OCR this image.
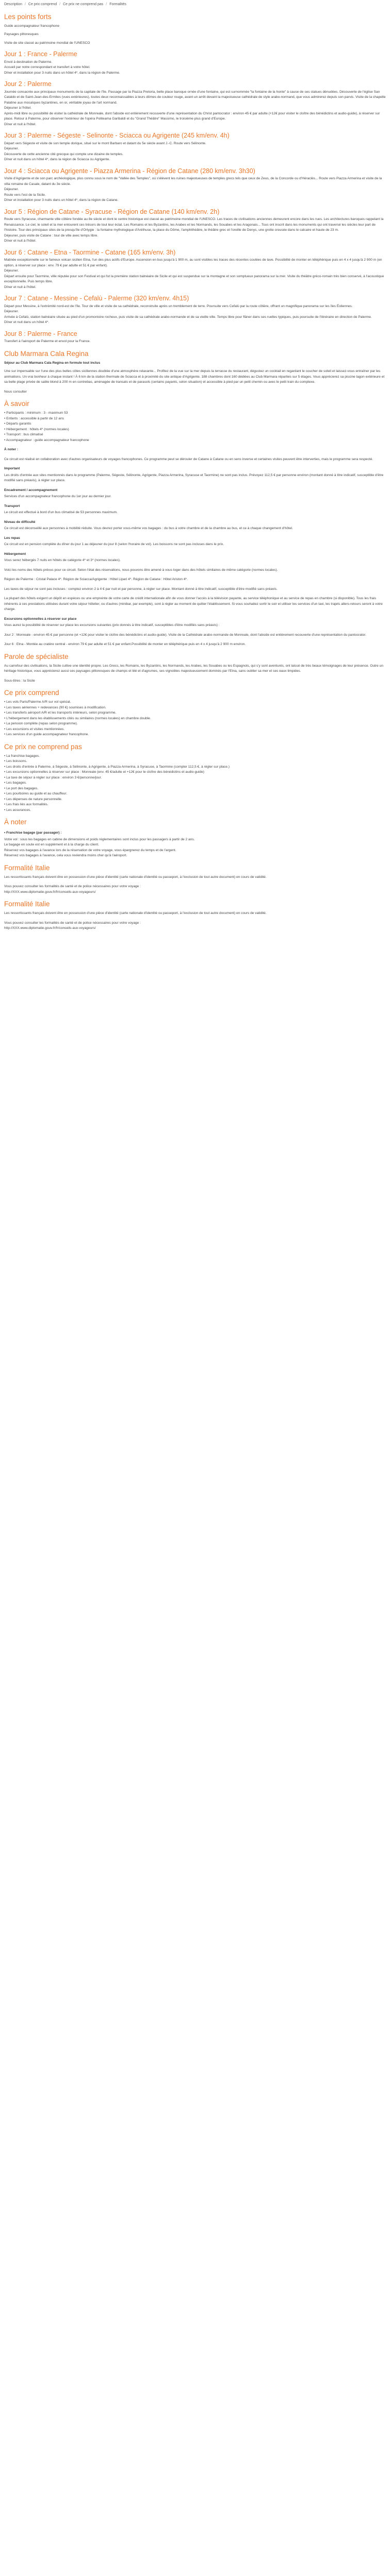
Description / Ce prix comprend / Ce prix ne comprend pas / Formalités
Les points forts

Guide accompagnateur francophone

Paysages pittoresques

Visite de site classé au patrimoine mondial de l'UNESCO

Jour 1 : France - Palerme
Envol à destination de Palerme.
Accueil par notre correspondant et transfert à votre hôtel.
Dîner et installation pour 3 nuits dans un hôtel 4*, dans la région de Palerme.
Jour 2 : Palerme
Journée consacrée aux principaux monuments de la capitale de l'île. Passage par la Piazza Pretoria, belle place baroque ornée d'une fontaine, qui est surnommée "la fontaine de la honte" à cause de ses statues dénudées. Découverte de l'église San Cataldo et de Saint-Jean-des-Ermites (vues extérieures), toutes deux reconnaissables à leurs dômes de couleur rouge, avant un arrêt devant la majestueuse cathédrale de style arabo-normand, que vous admirerez depuis son parvis. Visite de la chapelle Palatine aux mosaïques byzantines, en or, véritable joyau de l'art normand.
Déjeuner à l'hôtel.
Après-midi libre ou possibilité de visiter la cathédrale de Monreale, dont l'abside est entièrement recouverte d'une représentation du Christ pantocrator : environ 45 € par adulte (+12€ pour visiter le cloître des bénédictins et audio-guide), à réserver sur place. Retour à Palerme, pour observer l'extérieur de l'opéra Politeama Garibaldi et du "Grand Théâtre" Massimo, le troisième plus grand d'Europe.
Dîner et nuit à l'hôtel.
Jour 3 : Palerme - Ségeste - Selinonte - Sciacca ou Agrigente (245 km/env. 4h)
Départ vers Ségeste et visite de son temple dorique, situé sur le mont Barbaro et datant du 5e siècle avant J.-C. Route vers Sélinonte.
Déjeuner.
Découverte de cette ancienne cité grecque qui compte une dizaine de temples.
Dîner et nuit dans un hôtel 4*, dans la région de Sciacca ou Agrigente.
Jour 4 : Sciacca ou Agrigente - Piazza Armerina - Région de Catane (280 km/env. 3h30)
Visite d'Agrigente et de son parc archéologique, plus connu sous le nom de "Vallée des Temples", où s'élèvent les ruines majestueuses de temples grecs tels que ceux de Zeus, de la Concorde ou d'Héraclès... Route vers Piazza Armerina et visite de la villa romaine de Casale, datant du 3e siècle.
Déjeuner.
Route vers l'est de la Sicile.
Dîner et installation pour 3 nuits dans un hôtel 4*, dans la région de Catane.
Jour 5 : Région de Catane - Syracuse - Région de Catane (140 km/env. 2h)
Route vers Syracuse, charmante ville côtière fondée au 8e siècle et dont le centre historique est classé au patrimoine mondial de l'UNESCO. Les traces de civilisations anciennes demeurent encore dans les rues. Les architectures baroques rappelant la Renaissance. Le ciel, le soleil et la mer entourent ces trésors de tout leur éclat. Les Romains et les Byzantins, les Arabes et les Normands, les Souabes et les Aragonais... Tous ont inscrit dans les monuments qui ont traversé les siècles leur part de l'histoire. Tour des principaux sites de la presqu'île d'Ortygie : la fontaine mythologique d'Aréthuse, la place du Dôme, l'amphithéâtre, le théâtre grec et l'oreille de Denys, une grotte creusée dans le calcaire et haute de 23 m.
Déjeuner, puis visite de Catane : tour de ville avec temps libre.
Dîner et nuit à l'hôtel.
Jour 6 : Catane - Etna - Taormine - Catane (165 km/env. 3h)
Matinée exceptionnelle sur le fameux volcan sicilien Etna, l'un des plus actifs d'Europe. Ascension en bus jusqu'à 1 900 m, au sont visibles les traces des récentes coulées de lave. Possibilité de monter en téléphérique puis en 4 x 4 jusqu'à 2 900 m (en option, à réserver sur place : env. 79 € par adulte et 51 € par enfant).
Déjeuner.
Départ ensuite pour Taormine, ville réputée pour son Festival et qui fut la première station balnéaire de Sicile et qui est suspendue sur la montagne et son somptueux panorama sur la mer. Visite du théâtre gréco-romain très bien conservé, à l'acoustique exceptionnelle. Puis temps libre.
Dîner et nuit à l'hôtel.
Jour 7 : Catane - Messine - Cefalù - Palerme (320 km/env. 4h15)
Départ pour Messine, à l'extrémité nord-est de l'île. Tour de ville et visite de sa cathédrale, reconstruite après un tremblement de terre. Poursuite vers Cefalù par la route côtière, offrant un magnifique panorama sur les îles Éoliennes.
Déjeuner.
Arrivée à Cefalù, station balnéaire située au pied d'un promontoire rocheux, puis visite de sa cathédrale arabo-normande et de sa vieille ville. Temps libre pour flâner dans ses ruelles typiques, puis poursuite de l'itinéraire en direction de Palerme.
Dîner et nuit dans un hôtel 4*.
Jour 8 : Palerme - France
Transfert à l'aéroport de Palerme et envol pour la France.
Club Marmara Cala Regina

Séjour au Club Marmara Cala Regina en formule tout inclus

Une sur impensable sur l'une des plus belles côtes siciliennes doublée d'une atmosphère relaxante... Profitez de la vue sur la mer depuis la terrasse du restaurant, dégustez un cocktail en regardant le coucher de soleil et laissez-vous entraîner par les animations. Un vrai bonheur à chaque instant ! À 6 km de la station thermale de Sciacca et à proximité du site antique d'Agrigente. 188 chambres dont 160 dédiées au Club Marmara réparties sur 5 étages. Vous apprécierez sa piscine lagon extérieure et sa belle plage privée de sable blond à 200 m en contrebas, aménagée de transats et de parasols (certains payants, selon situation) et accessible à pied par un petit chemin ou avec le petit train du complexe.

Nous consulter

À savoir
• Participants : minimum : 3 - maximum 53
• Enfants : accessible à partir de 12 ans
• Départs garantis
• Hébergement : hôtels 4* (normes locales)
• Transport : bus climatisé
• Accompagnateur : guide accompagnateur francophone
À noter :

Ce circuit est réalisé en collaboration avec d'autres organisateurs de voyages francophones. Ce programme peut se dérouler de Catane à Catane ou en sens inverse et certaines visites peuvent être interverties, mais le programme sera respecté.

Important

Les droits d'entrée aux sites mentionnés dans le programme (Palerme, Ségeste, Sélinonte, Agrigente, Piazza Armerina, Syracuse et Taormine) ne sont pas inclus. Prévoyez 112,5 € par personne environ (montant donné à titre indicatif, susceptible d'être modifié sans préavis), à régler sur place.

Encadrement / accompagnement

Services d'un accompagnateur francophone du 1er jour au dernier jour.

Transport

Le circuit est effectué à bord d'un bus climatisé de 53 personnes maximum.

Niveau de difficulté

Ce circuit est déconseillé aux personnes à mobilité réduite. Vous devrez porter vous-même vos bagages : du bus à votre chambre et de la chambre au bus, et ce à chaque changement d'hôtel.

Les repas

Ce circuit est en pension complète du dîner du jour 1 au déjeuner du jour 8 (selon l'horaire de vol). Les boissons ne sont pas incluses dans le prix.

Hébergement

Vous serez hébergés 7 nuits en hôtels de catégorie 4* et 3* (normes locales).

Voici les noms des hôtels prévus pour ce circuit. Selon l'état des réservations, nous pouvons être amené à vous loger dans des hôtels similaires de même catégorie (normes locales).

Région de Palerme : Cristal Palace 4*. Région de Sciacca/Agrigente : Hôtel Lipari 4*. Région de Catane : Hôtel Ariston 4*.

Les taxes de séjour ne sont pas incluses : comptez environ 2 à 4 € par nuit et par personne, à régler sur place. Montant donné à titre indicatif, susceptible d'être modifié sans préavis.

La plupart des hôtels exigent un dépôt en espèces ou une empreinte de votre carte de crédit internationale afin de vous donner l'accès à la télévision payante, au service téléphonique et au service de repas en chambre (si disponible). Tous les frais inhérents à ces prestations utilisées durant votre séjour hôtelier, ou d'autres (minibar, par exemple), sont à régler au moment de quitter l'établissement. Si vous souhaitez sortir le soir et utiliser les services d'un taxi, les trajets allers-retours seront à votre charge.

Excursions optionnelles à réserver sur place

Vous aurez la possibilité de réserver sur place les excursions suivantes (prix donnés à titre indicatif, susceptibles d'être modifiés sans préavis) :

Jour 2 : Monreale - environ 45 € par personne (et +12€ pour visiter le cloître des bénédictins et audio-guide). Visite de la Cathédrale arabo-normande de Monreale, dont l'abside est entièrement recouverte d'une représentation du pantocrator.

Jour 6 : Etna - Montée au cratère central - environ 79 € par adulte et 51 € par enfant.Possibilité de monter en téléphérique puis en 4 x 4 jusqu'à 2 900 m environ.

Parole de spécialiste

Au carrefour des civilisations, la Sicile cultive une identité propre. Les Grecs, les Romains, les Byzantins, les Normands, les Arabes, les Souabes ou les Espagnols, qui s'y sont aventurés, ont laissé de très beaux témoignages de leur présence. Outre un héritage historique, vous apprécierez aussi ses paysages pittoresques de champs et blé et d'agrumes, ses vignobles majestueusement dominés par l'Etna, sans oublier sa mer et ses eaux limpides.

Sous-titres : la Sicile

Ce prix comprend
• Les vols Paris/Palerme A/R sur vol spécial.
• Les taxes aériennes + redevances (90 €) soumises à modification.
• Les transferts aéroport A/R et les transports intérieurs, selon programme.
• L'hébergement dans les établissements cités ou similaires (normes locales) en chambre double.
• La pension complète (repas selon programme).
• Les excursions et visites mentionnées.
• Les services d'un guide accompagnateur francophone.
Ce prix ne comprend pas
• La franchise bagages.
• Les boissons.
• Les droits d'entrée à Palerme, à Ségeste, à Sélinonte, à Agrigente, à Piazza Armerina, à Syracuse, à Taormine (compter 112,5 €, à régler sur place.)
• Les excursions optionnelles à réserver sur place : Monreale (env. 45 €/adulte et +12€ pour le cloître des bénédictins et audio-guide)
• La taxe de séjour à régler sur place : environ 3 €/personne/jour.
• Les bagages.
• Le port des bagages.
• Les pourboires au guide et au chauffeur.
• Les dépenses de nature personnelle.
• Les frais liés aux formalités.
• Les assurances.
À noter
• Franchise bagage (par passager) :
Votre vol : sous les bagages en cabine de dimensions et poids réglementaires sont inclus pour les passagers à partir de 2 ans.
Le bagage en soute est en supplément et à la charge du client.
Réservez vos bagages à l'avance lors de la réservation de votre voyage, vous épargnerez du temps et de l'argent.
Réservez vos bagages à l'avance, cela vous reviendra moins cher qu'à l'aéroport.
Formalité Italie

Les ressortissants français doivent être en possession d'une pièce d'identité (carte nationale d'identité ou passeport, à l'exclusion de tout autre document) en cours de validité.

Vous pouvez consulter les formalités de santé et de police nécessaires pour votre voyage :
http://XXX.www.diplomatie.gouv.fr/fr/conseils-aux-voyageurs/
Formalité Italie

Les ressortissants français doivent être en possession d'une pièce d'identité (carte nationale d'identité ou passeport, à l'exclusion de tout autre document) en cours de validité.

Vous pouvez consulter les formalités de santé et de police nécessaires pour votre voyage :
http://XXX.www.diplomatie.gouv.fr/fr/conseils-aux-voyageurs/
